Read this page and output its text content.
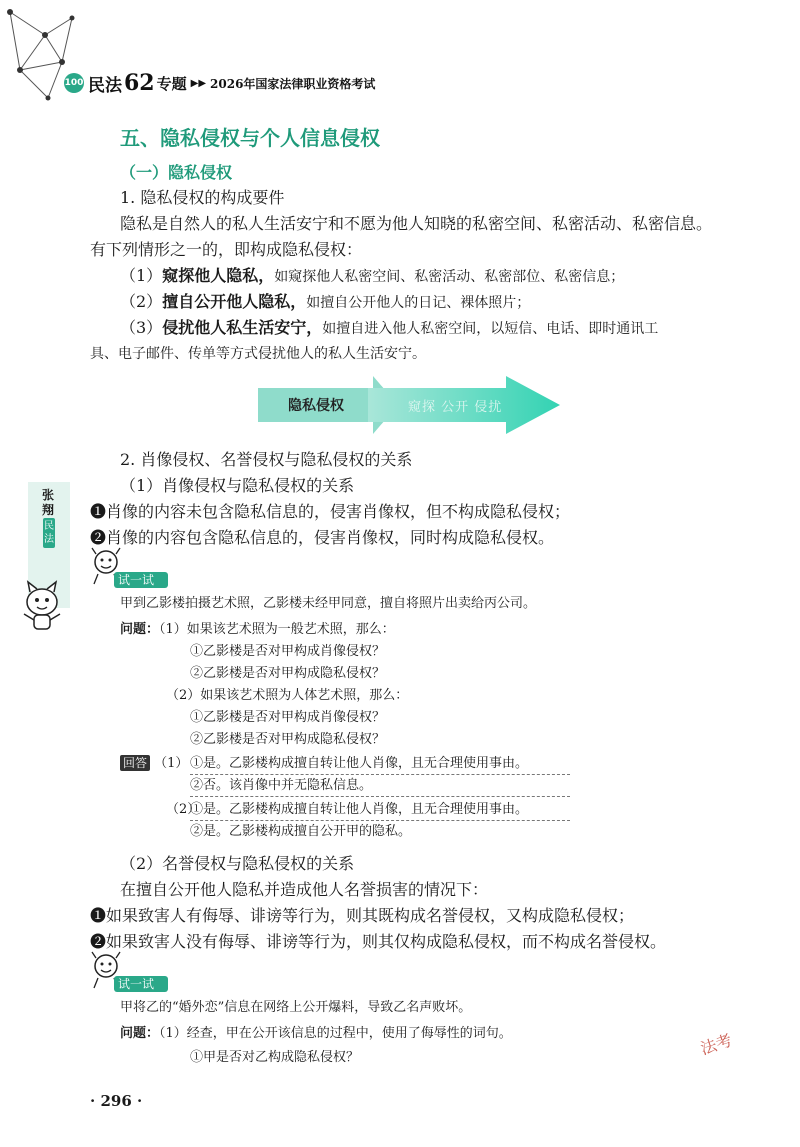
100 民法 62 专题 ▶▶ 2026年国家法律职业资格考试
五、隐私侵权与个人信息侵权
（一）隐私侵权
1. 隐私侵权的构成要件
隐私是自然人的私人生活安宁和不愿为他人知晓的私密空间、私密活动、私密信息。
有下列情形之一的，即构成隐私侵权：
（1）窥探他人隐私，如窥探他人私密空间、私密活动、私密部位、私密信息；
（2）擅自公开他人隐私，如擅自公开他人的日记、裸体照片；
（3）侵扰他人私生活安宁，如擅自进入他人私密空间，以短信、电话、即时通讯工
具、电子邮件、传单等方式侵扰他人的私人生活安宁。
隐私侵权	窥探 公开 侵扰
张翔
民法
2. 肖像侵权、名誉侵权与隐私侵权的关系
（1）肖像侵权与隐私侵权的关系
❶肖像的内容未包含隐私信息的，侵害肖像权，但不构成隐私侵权；
❷肖像的内容包含隐私信息的，侵害肖像权，同时构成隐私侵权。
试一试
甲到乙影楼拍摄艺术照，乙影楼未经甲同意，擅自将照片出卖给丙公司。
问题：（1）如果该艺术照为一般艺术照，那么：
①乙影楼是否对甲构成肖像侵权？
②乙影楼是否对甲构成隐私侵权？
（2）如果该艺术照为人体艺术照，那么：
①乙影楼是否对甲构成肖像侵权？
②乙影楼是否对甲构成隐私侵权？
回答 （1） ①是。乙影楼构成擅自转让他人肖像，且无合理使用事由。
②否。该肖像中并无隐私信息。
（2）
①是。乙影楼构成擅自转让他人肖像，且无合理使用事由。
②是。乙影楼构成擅自公开甲的隐私。
（2）名誉侵权与隐私侵权的关系
在擅自公开他人隐私并造成他人名誉损害的情况下：
❶如果致害人有侮辱、诽谤等行为，则其既构成名誉侵权，又构成隐私侵权；
❷如果致害人没有侮辱、诽谤等行为，则其仅构成隐私侵权，而不构成名誉侵权。
试一试
甲将乙的“婚外恋”信息在网络上公开爆料，导致乙名声败坏。
问题：（1）经查，甲在公开该信息的过程中，使用了侮辱性的词句。
①甲是否对乙构成隐私侵权？	法考
· 296 ·
